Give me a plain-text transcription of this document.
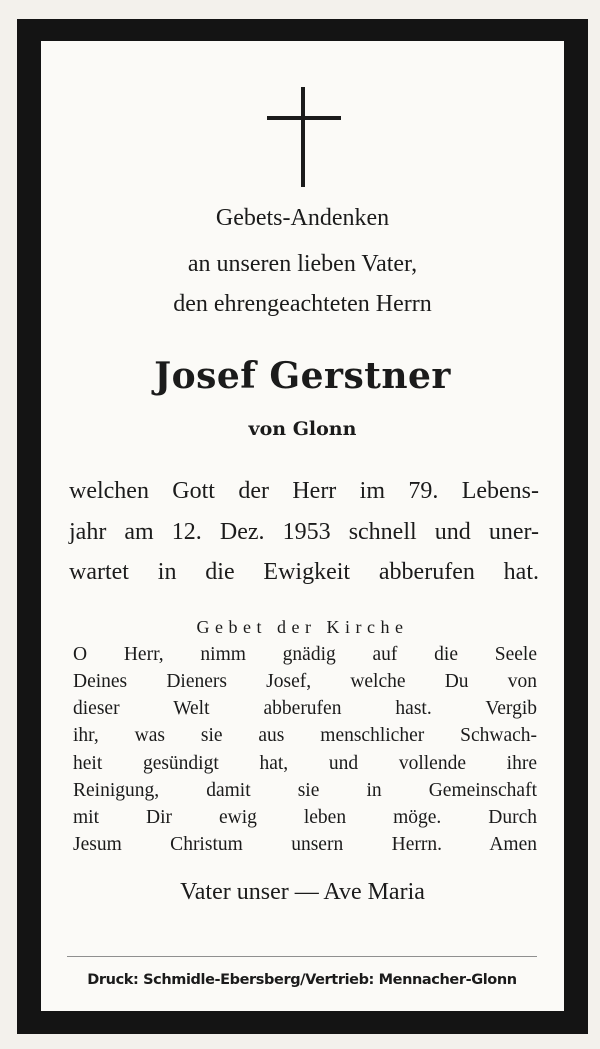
Gebets-Andenken
an unseren lieben Vater,
den ehrengeachteten Herrn
Josef Gerstner
von Glonn
welchen Gott der Herr im 79. Lebens-
jahr am 12. Dez. 1953 schnell und uner-
wartet in die Ewigkeit abberufen hat.
Gebet der Kirche
O Herr, nimm gnädig auf die Seele
Deines Dieners Josef, welche Du von
dieser Welt abberufen hast. Vergib
ihr, was sie aus menschlicher Schwach-
heit gesündigt hat, und vollende ihre
Reinigung, damit sie in Gemeinschaft
mit Dir ewig leben möge. Durch
Jesum Christum unsern Herrn. Amen
Vater unser — Ave Maria
Druck: Schmidle-Ebersberg/Vertrieb: Mennacher-Glonn
